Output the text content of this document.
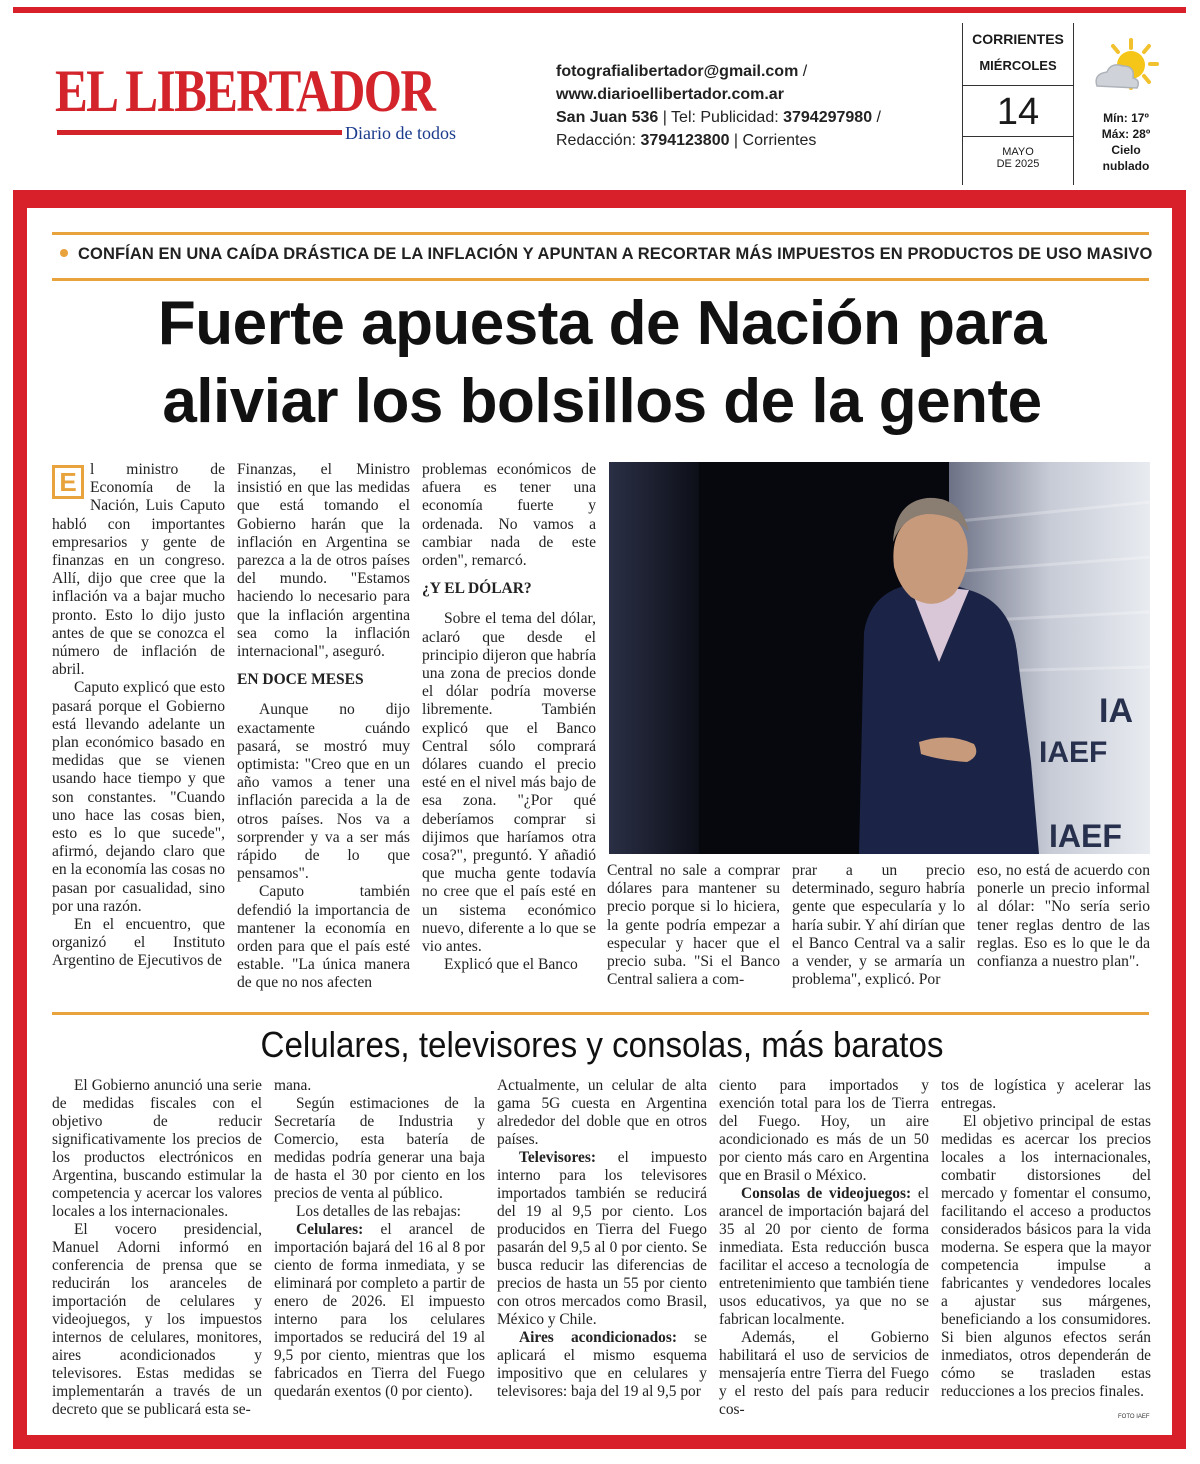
EL LIBERTADOR
Diario de todos
fotografialibertador@gmail.com /
www.diarioellibertador.com.ar
San Juan 536 | Tel: Publicidad: 3794297980 /
Redacción: 3794123800 | Corrientes
CORRIENTES
MIÉRCOLES
14
MAYO
DE 2025
Mín: 17º
Máx: 28º
Cielo
nublado
CONFÍAN EN UNA CAÍDA DRÁSTICA DE LA INFLACIÓN Y APUNTAN A RECORTAR MÁS IMPUESTOS EN PRODUCTOS DE USO MASIVO
Fuerte apuesta de Nación para
aliviar los bolsillos de la gente
E l ministro de Economía de la Nación, Luis Caputo habló con importantes empresarios y gente de finanzas en un congreso. Allí, dijo que cree que la inflación va a bajar mucho pronto. Esto lo dijo justo antes de que se conozca el número de inflación de abril.

Caputo explicó que esto pasará porque el Gobierno está llevando adelante un plan económico basado en medidas que se vienen usando hace tiempo y que son constantes. "Cuando uno hace las cosas bien, esto es lo que sucede", afirmó, dejando claro que en la economía las cosas no pasan por casualidad, sino por una razón.

En el encuentro, que organizó el Instituto Argentino de Ejecutivos de

Finanzas, el Ministro insistió en que las medidas que está tomando el Gobierno harán que la inflación en Argentina se parezca a la de otros países del mundo. "Estamos haciendo lo necesario para que la inflación argentina sea como la inflación internacional", aseguró.

EN DOCE MESES

Aunque no dijo exactamente cuándo pasará, se mostró muy optimista: "Creo que en un año vamos a tener una inflación parecida a la de otros países. Nos va a sorprender y va a ser más rápido de lo que pensamos".

Caputo también defendió la importancia de mantener la economía en orden para que el país esté estable. "La única manera de que no nos afecten

problemas económicos de afuera es tener una economía fuerte y ordenada. No vamos a cambiar nada de este orden", remarcó.

¿Y EL DÓLAR?

Sobre el tema del dólar, aclaró que desde el principio dijeron que habría una zona de precios donde el dólar podría moverse libremente. También explicó que el Banco Central sólo comprará dólares cuando el precio esté en el nivel más bajo de esa zona. "¿Por qué deberíamos comprar si dijimos que haríamos otra cosa?", preguntó. Y añadió que mucha gente todavía no cree que el país esté en un sistema económico nuevo, diferente a lo que se vio antes.

Explicó que el Banco

IAEF
IA
IAEF

Central no sale a comprar dólares para mantener su precio porque si lo hiciera, la gente podría empezar a especular y hacer que el precio suba. "Si el Banco Central saliera a com-

prar a un precio determinado, seguro habría gente que especularía y lo haría subir. Y ahí dirían que el Banco Central va a salir a vender, y se armaría un problema", explicó. Por

eso, no está de acuerdo con ponerle un precio informal al dólar: "No sería serio tener reglas dentro de las reglas. Eso es lo que le da confianza a nuestro plan".

Celulares, televisores y consolas, más baratos

El Gobierno anunció una serie de medidas fiscales con el objetivo de reducir significativamente los precios de los productos electrónicos en Argentina, buscando estimular la competencia y acercar los valores locales a los internacionales.

El vocero presidencial, Manuel Adorni informó en conferencia de prensa que se reducirán los aranceles de importación de celulares y videojuegos, y los impuestos internos de celulares, monitores, aires acondicionados y televisores. Estas medidas se implementarán a través de un decreto que se publicará esta se-

mana.

Según estimaciones de la Secretaría de Industria y Comercio, esta batería de medidas podría generar una baja de hasta el 30 por ciento en los precios de venta al público.

Los detalles de las rebajas:

Celulares: el arancel de importación bajará del 16 al 8 por ciento de forma inmediata, y se eliminará por completo a partir de enero de 2026. El impuesto interno para los celulares importados se reducirá del 19 al 9,5 por ciento, mientras que los fabricados en Tierra del Fuego quedarán exentos (0 por ciento).

Actualmente, un celular de alta gama 5G cuesta en Argentina alrededor del doble que en otros países.

Televisores: el impuesto interno para los televisores importados también se reducirá del 19 al 9,5 por ciento. Los producidos en Tierra del Fuego pasarán del 9,5 al 0 por ciento. Se busca reducir las diferencias de precios de hasta un 55 por ciento con otros mercados como Brasil, México y Chile.

Aires acondicionados: se aplicará el mismo esquema impositivo que en celulares y televisores: baja del 19 al 9,5 por

ciento para importados y exención total para los de Tierra del Fuego. Hoy, un aire acondicionado es más de un 50 por ciento más caro en Argentina que en Brasil o México.

Consolas de videojuegos: el arancel de importación bajará del 35 al 20 por ciento de forma inmediata. Esta reducción busca facilitar el acceso a tecnología de entretenimiento que también tiene usos educativos, ya que no se fabrican localmente.

Además, el Gobierno habilitará el uso de servicios de mensajería entre Tierra del Fuego y el resto del país para reducir cos-

tos de logística y acelerar las entregas.

El objetivo principal de estas medidas es acercar los precios locales a los internacionales, combatir distorsiones del mercado y fomentar el consumo, facilitando el acceso a productos considerados básicos para la vida moderna. Se espera que la mayor competencia impulse a fabricantes y vendedores locales a ajustar sus márgenes, beneficiando a los consumidores. Si bien algunos efectos serán inmediatos, otros dependerán de cómo se trasladen estas reducciones a los precios finales.

FOTO IAEF
